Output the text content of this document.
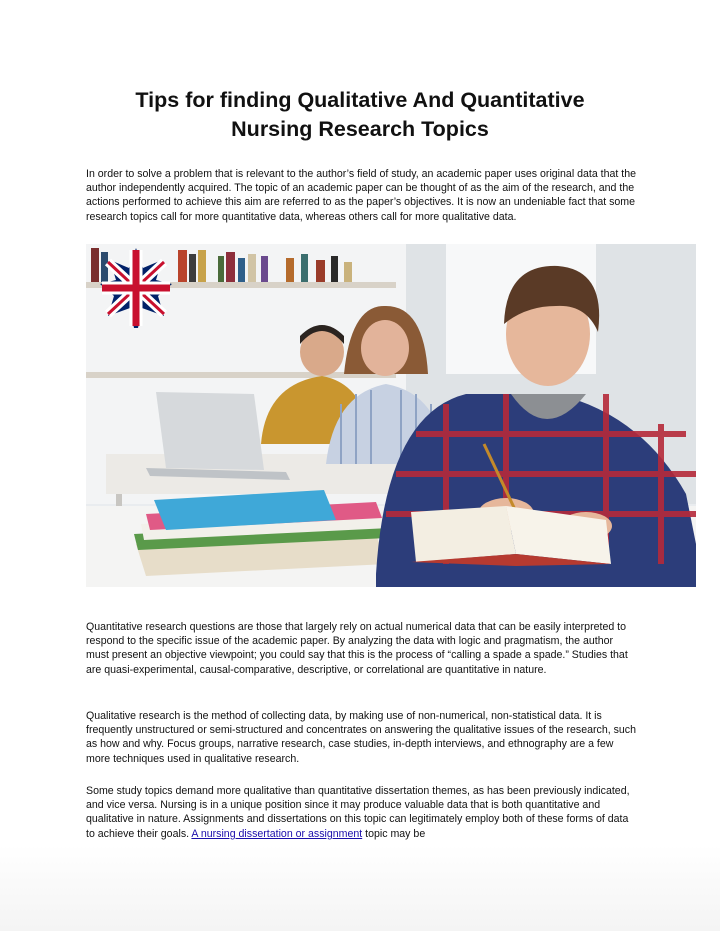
Tips for finding Qualitative And Quantitative
Nursing Research Topics

In order to solve a problem that is relevant to the author’s field of study, an academic paper uses original data that the author independently acquired. The topic of an academic paper can be thought of as the aim of the research, and the actions performed to achieve this aim are referred to as the paper’s objectives. It is now an undeniable fact that some research topics call for more quantitative data, whereas others call for more qualitative data.

Quantitative research questions are those that largely rely on actual numerical data that can be easily interpreted to respond to the specific issue of the academic paper. By analyzing the data with logic and pragmatism, the author must present an objective viewpoint; you could say that this is the process of “calling a spade a spade.” Studies that are quasi-experimental, causal-comparative, descriptive, or correlational are quantitative in nature.

Qualitative research is the method of collecting data, by making use of non-numerical, non-statistical data. It is frequently unstructured or semi-structured and concentrates on answering the qualitative issues of the research, such as how and why. Focus groups, narrative research, case studies, in-depth interviews, and ethnography are a few more techniques used in qualitative research.

Some study topics demand more qualitative than quantitative dissertation themes, as has been previously indicated, and vice versa. Nursing is in a unique position since it may produce valuable data that is both quantitative and qualitative in nature. Assignments and dissertations on this topic can legitimately employ both of these forms of data to achieve their goals. A nursing dissertation or assignment topic may be
